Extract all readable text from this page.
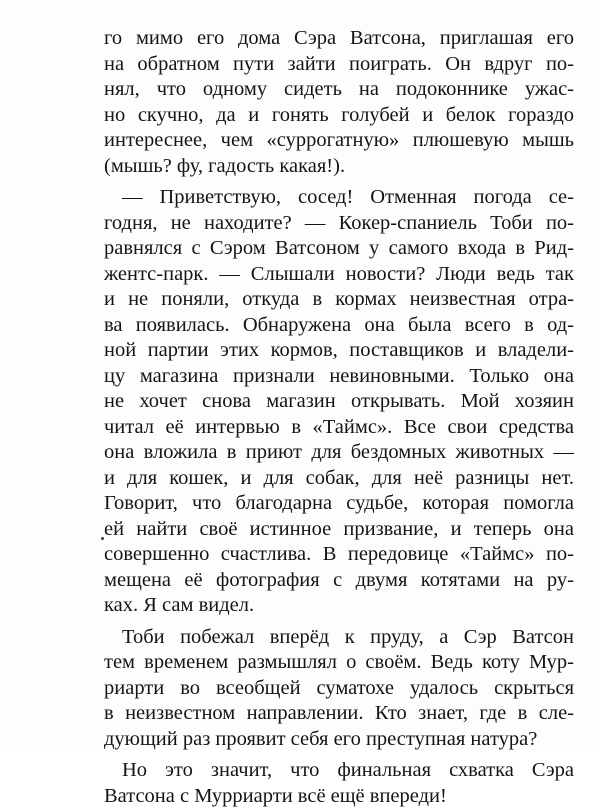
го мимо его дома Сэра Ватсона, приглашая его
на обратном пути зайти поиграть. Он вдруг по-
нял, что одному сидеть на подоконнике ужас-
но скучно, да и гонять голубей и белок гораздо
интереснее, чем «суррогатную» плюшевую мышь
(мышь? фу, гадость какая!).
— Приветствую, сосед! Отменная погода се-
годня, не находите? — Кокер-спаниель Тоби по-
равнялся с Сэром Ватсоном у самого входа в Рид-
жентс-парк. — Слышали новости? Люди ведь так
и не поняли, откуда в кормах неизвестная отра-
ва появилась. Обнаружена она была всего в од-
ной партии этих кормов, поставщиков и владели-
цу магазина признали невиновными. Только она
не хочет снова магазин открывать. Мой хозяин
читал её интервью в «Таймс». Все свои средства
она вложила в приют для бездомных животных —
и для кошек, и для собак, для неё разницы нет.
Говорит, что благодарна судьбе, которая помогла
ей найти своё истинное призвание, и теперь она
совершенно счастлива. В передовице «Таймс» по-
мещена её фотография с двумя котятами на ру-
ках. Я сам видел.
Тоби побежал вперёд к пруду, а Сэр Ватсон
тем временем размышлял о своём. Ведь коту Мур-
риарти во всеобщей суматохе удалось скрыться
в неизвестном направлении. Кто знает, где в сле-
дующий раз проявит себя его преступная натура?
Но это значит, что финальная схватка Сэра
Ватсона с Мурриарти всё ещё впереди!
